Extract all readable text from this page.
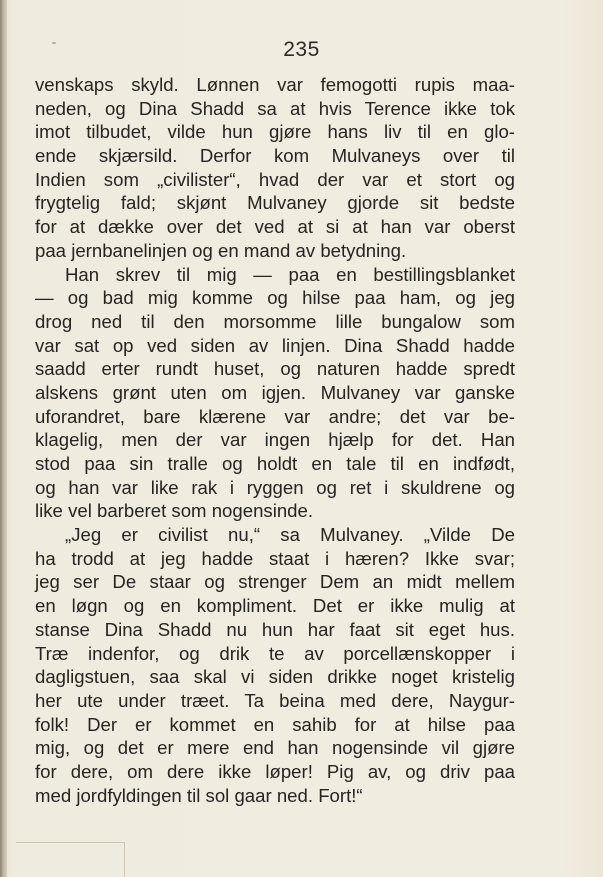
235
venskaps skyld. Lønnen var femogotti rupis maa-
neden, og Dina Shadd sa at hvis Terence ikke tok
imot tilbudet, vilde hun gjøre hans liv til en glo-
ende skjærsild. Derfor kom Mulvaneys over til
Indien som „civilister“, hvad der var et stort og
frygtelig fald; skjønt Mulvaney gjorde sit bedste
for at dække over det ved at si at han var oberst
paa jernbanelinjen og en mand av betydning.
Han skrev til mig — paa en bestillingsblanket
— og bad mig komme og hilse paa ham, og jeg
drog ned til den morsomme lille bungalow som
var sat op ved siden av linjen. Dina Shadd hadde
saadd erter rundt huset, og naturen hadde spredt
alskens grønt uten om igjen. Mulvaney var ganske
uforandret, bare klærene var andre; det var be-
klagelig, men der var ingen hjælp for det. Han
stod paa sin tralle og holdt en tale til en indfødt,
og han var like rak i ryggen og ret i skuldrene og
like vel barberet som nogensinde.
„Jeg er civilist nu,“ sa Mulvaney. „Vilde De
ha trodd at jeg hadde staat i hæren? Ikke svar;
jeg ser De staar og strenger Dem an midt mellem
en løgn og en kompliment. Det er ikke mulig at
stanse Dina Shadd nu hun har faat sit eget hus.
Træ indenfor, og drik te av porcellænskopper i
dagligstuen, saa skal vi siden drikke noget kristelig
her ute under træet. Ta beina med dere, Naygur-
folk! Der er kommet en sahib for at hilse paa
mig, og det er mere end han nogensinde vil gjøre
for dere, om dere ikke løper! Pig av, og driv paa
med jordfyldingen til sol gaar ned. Fort!“
